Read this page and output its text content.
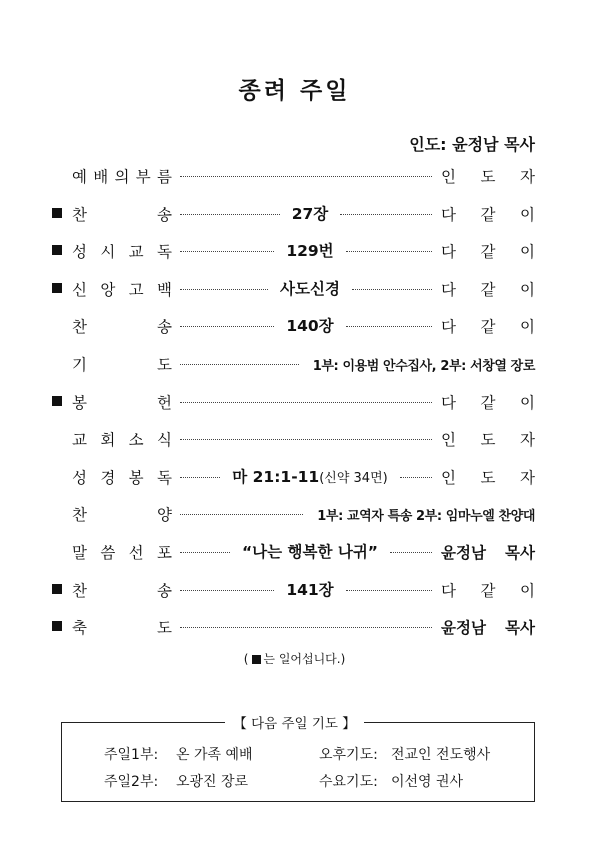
종려 주일
인도: 윤정남 목사
예 배 의 부 름	인 도 자
찬	송	27장	다 같 이
성 시 교 독	129번	다 같 이
신 앙 고 백	사도신경	다 같 이
찬	송	140장	다 같 이
기	도	1부: 이용범 안수집사, 2부: 서창열 장로
봉	헌	다 같 이
교 회 소 식	인 도 자
성 경 봉 독	마 21:1-11(신약 34면)	인 도 자
찬	양	1부: 교역자 특송 2부: 임마누엘 찬양대
말 씀 선 포	“나는 행복한 나귀”	윤정남 목사
찬	송	141장	다 같 이
축	도	윤정남 목사
( 는 일어섭니다.)
【 다음 주일 기도 】
주일1부: 온 가족 예배	오후기도: 전교인 전도행사
주일2부: 오광진 장로	수요기도: 이선영 권사
